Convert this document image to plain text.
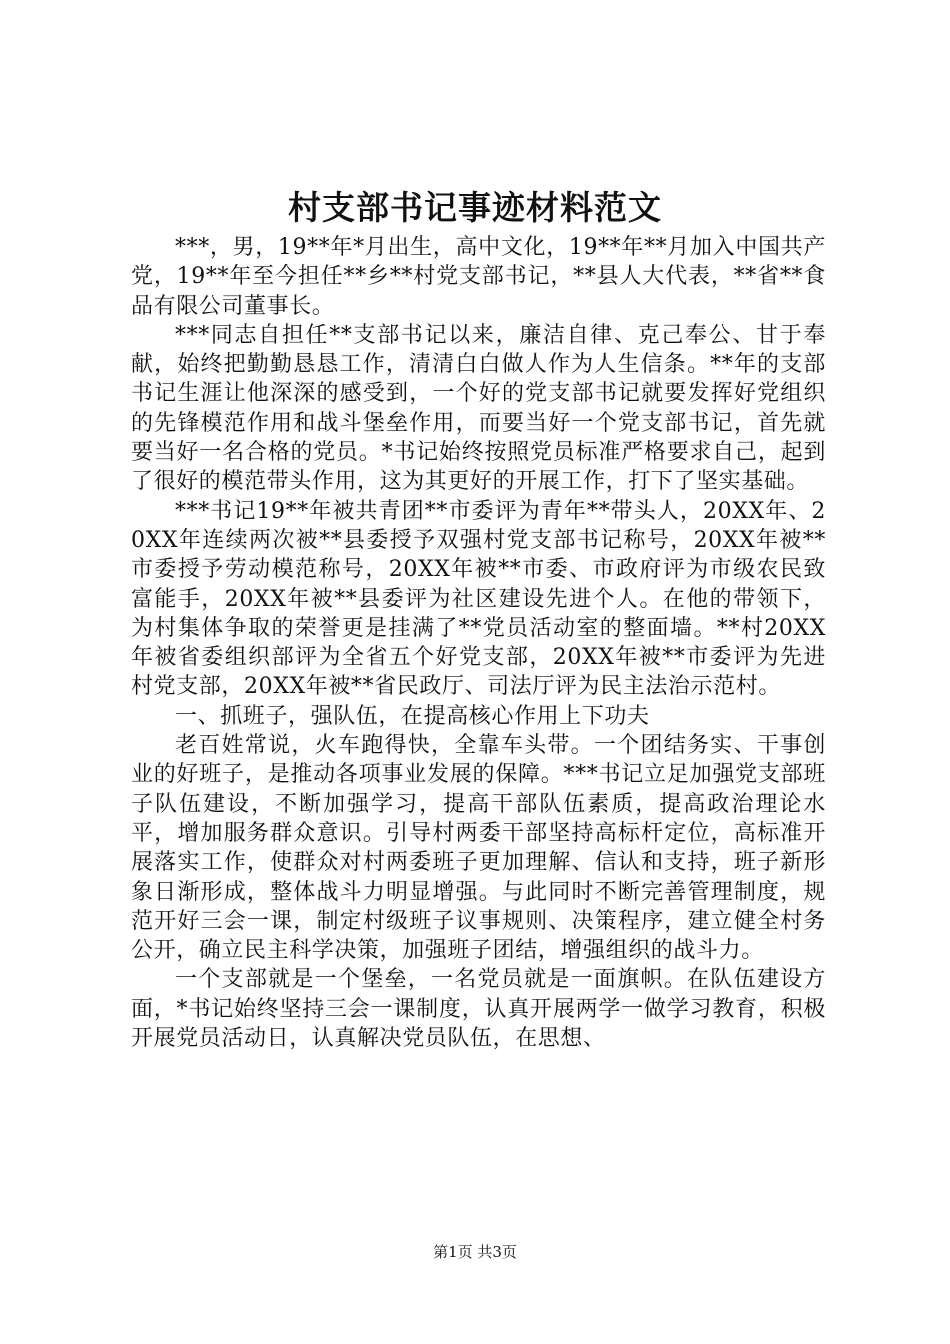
村支部书记事迹材料范文

***，男，19**年*月出生，高中文化，19**年**月加入中国共产党，19**年至今担任**乡**村党支部书记，**县人大代表，**省**食品有限公司董事长。

***同志自担任**支部书记以来，廉洁自律、克己奉公、甘于奉献，始终把勤勤恳恳工作，清清白白做人作为人生信条。**年的支部书记生涯让他深深的感受到，一个好的党支部书记就要发挥好党组织的先锋模范作用和战斗堡垒作用，而要当好一个党支部书记，首先就要当好一名合格的党员。*书记始终按照党员标准严格要求自己，起到了很好的模范带头作用，这为其更好的开展工作，打下了坚实基础。

***书记19**年被共青团**市委评为青年**带头人，20XX年、20XX年连续两次被**县委授予双强村党支部书记称号，20XX年被**市委授予劳动模范称号，20XX年被**市委、市政府评为市级农民致富能手，20XX年被**县委评为社区建设先进个人。在他的带领下，为村集体争取的荣誉更是挂满了**党员活动室的整面墙。**村20XX年被省委组织部评为全省五个好党支部，20XX年被**市委评为先进村党支部，20XX年被**省民政厅、司法厅评为民主法治示范村。

一、抓班子，强队伍，在提高核心作用上下功夫

老百姓常说，火车跑得快，全靠车头带。一个团结务实、干事创业的好班子，是推动各项事业发展的保障。***书记立足加强党支部班子队伍建设，不断加强学习，提高干部队伍素质，提高政治理论水平，增加服务群众意识。引导村两委干部坚持高标杆定位，高标准开展落实工作，使群众对村两委班子更加理解、信认和支持，班子新形象日渐形成，整体战斗力明显增强。与此同时不断完善管理制度，规范开好三会一课，制定村级班子议事规则、决策程序，建立健全村务公开，确立民主科学决策，加强班子团结，增强组织的战斗力。

一个支部就是一个堡垒，一名党员就是一面旗帜。在队伍建设方面，*书记始终坚持三会一课制度，认真开展两学一做学习教育，积极开展党员活动日，认真解决党员队伍，在思想、

第1页 共3页
